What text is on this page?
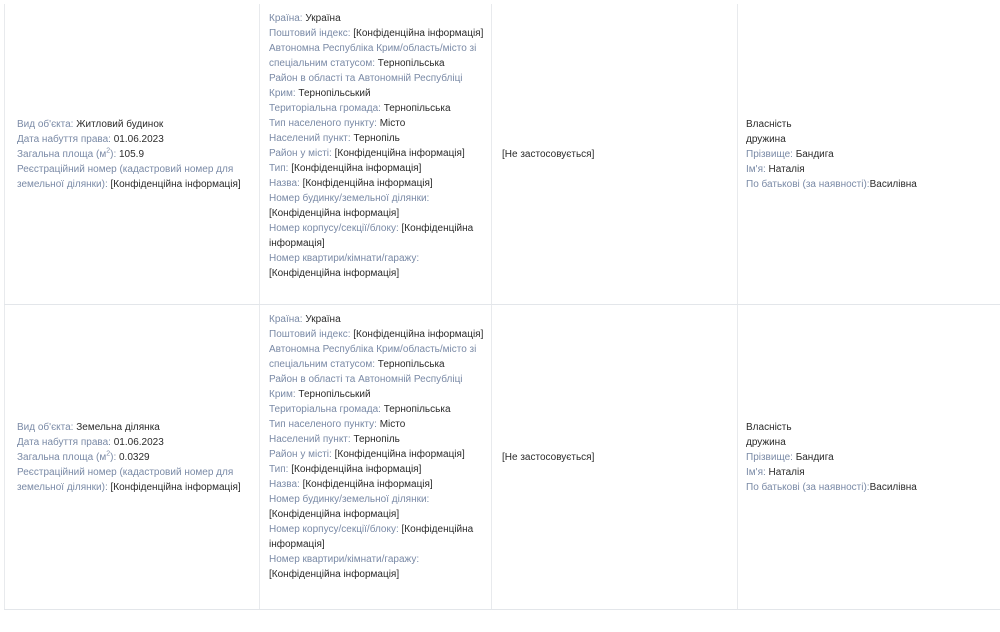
Вид об'єкта: Житловий будинок
Дата набуття права: 01.06.2023
Загальна площа $(м^2)$: 105.9
Реєстраційний номер (кадастровий номер для земельної ділянки): [Конфіденційна інформація]
Країна: Україна
Поштовий індекс: [Конфіденційна інформація]
Автономна Республіка Крим/область/місто зі спеціальним статусом: Тернопільська
Район в області та Автономній Республіці Крим: Тернопільський
Територіальна громада: Тернопільська
Тип населеного пункту: Місто
Населений пункт: Тернопіль
Район у місті: [Конфіденційна інформація]
Тип: [Конфіденційна інформація]
Назва: [Конфіденційна інформація]
Номер будинку/земельної ділянки: [Конфіденційна інформація]
Номер корпусу/секції/блоку: [Конфіденційна інформація]
Номер квартири/кімнати/гаражу: [Конфіденційна інформація]
[Не застосовується]
Власність
дружина
Прізвище: Бандига
Ім'я: Наталія
По батькові (за наявності):Василівна
Вид об'єкта: Земельна ділянка
Дата набуття права: 01.06.2023
Загальна площа $(м^2)$: 0.0329
Реєстраційний номер (кадастровий номер для земельної ділянки): [Конфіденційна інформація]
Країна: Україна
Поштовий індекс: [Конфіденційна інформація]
Автономна Республіка Крим/область/місто зі спеціальним статусом: Тернопільська
Район в області та Автономній Республіці Крим: Тернопільський
Територіальна громада: Тернопільська
Тип населеного пункту: Місто
Населений пункт: Тернопіль
Район у місті: [Конфіденційна інформація]
Тип: [Конфіденційна інформація]
Назва: [Конфіденційна інформація]
Номер будинку/земельної ділянки: [Конфіденційна інформація]
Номер корпусу/секції/блоку: [Конфіденційна інформація]
Номер квартири/кімнати/гаражу: [Конфіденційна інформація]
[Не застосовується]
Власність
дружина
Прізвище: Бандига
Ім'я: Наталія
По батькові (за наявності):Василівна
